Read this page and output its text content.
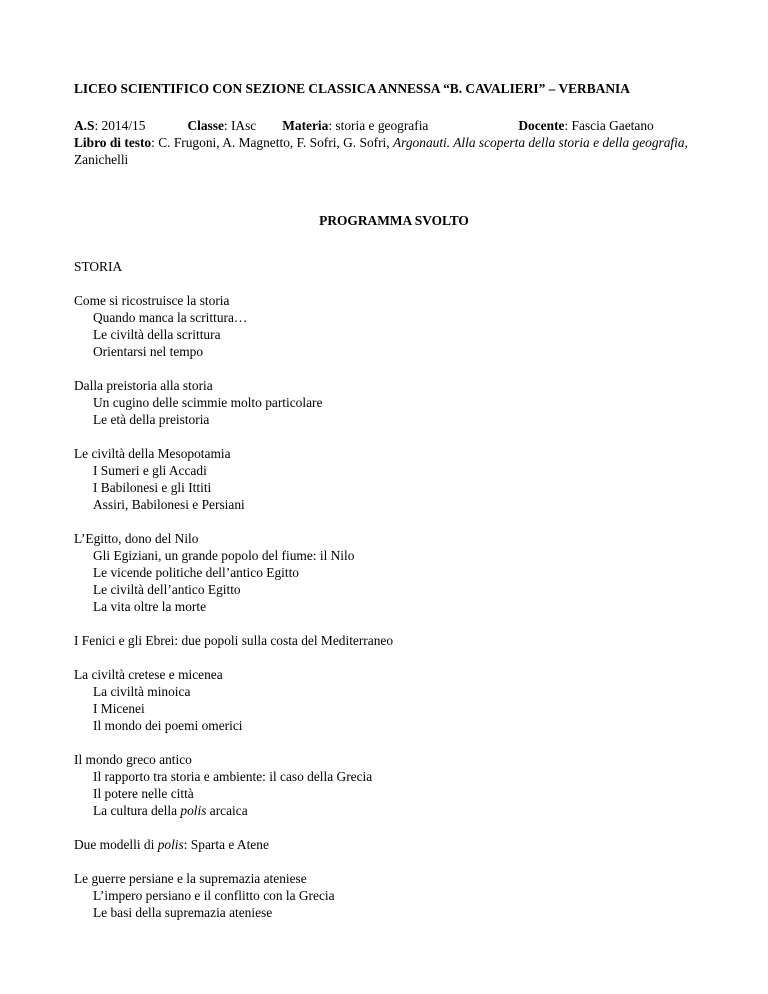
LICEO SCIENTIFICO CON SEZIONE CLASSICA ANNESSA “B. CAVALIERI” – VERBANIA
A.S: 2014/15	Classe: IAsc Materia: storia e geografia	Docente: Fascia Gaetano
Libro di testo: C. Frugoni, A. Magnetto, F. Sofri, G. Sofri, Argonauti. Alla scoperta della storia e della geografia,
Zanichelli
PROGRAMMA SVOLTO
STORIA
Come si ricostruisce la storia
Quando manca la scrittura…
Le civiltà della scrittura
Orientarsi nel tempo
Dalla preistoria alla storia
Un cugino delle scimmie molto particolare
Le età della preistoria
Le civiltà della Mesopotamia
I Sumeri e gli Accadi
I Babilonesi e gli Ittiti
Assiri, Babilonesi e Persiani
L’Egitto, dono del Nilo
Gli Egiziani, un grande popolo del fiume: il Nilo
Le vicende politiche dell’antico Egitto
Le civiltà dell’antico Egitto
La vita oltre la morte
I Fenici e gli Ebrei: due popoli sulla costa del Mediterraneo
La civiltà cretese e micenea
La civiltà minoica
I Micenei
Il mondo dei poemi omerici
Il mondo greco antico
Il rapporto tra storia e ambiente: il caso della Grecia
Il potere nelle città
La cultura della polis arcaica
Due modelli di polis: Sparta e Atene
Le guerre persiane e la supremazia ateniese
L’impero persiano e il conflitto con la Grecia
Le basi della supremazia ateniese
